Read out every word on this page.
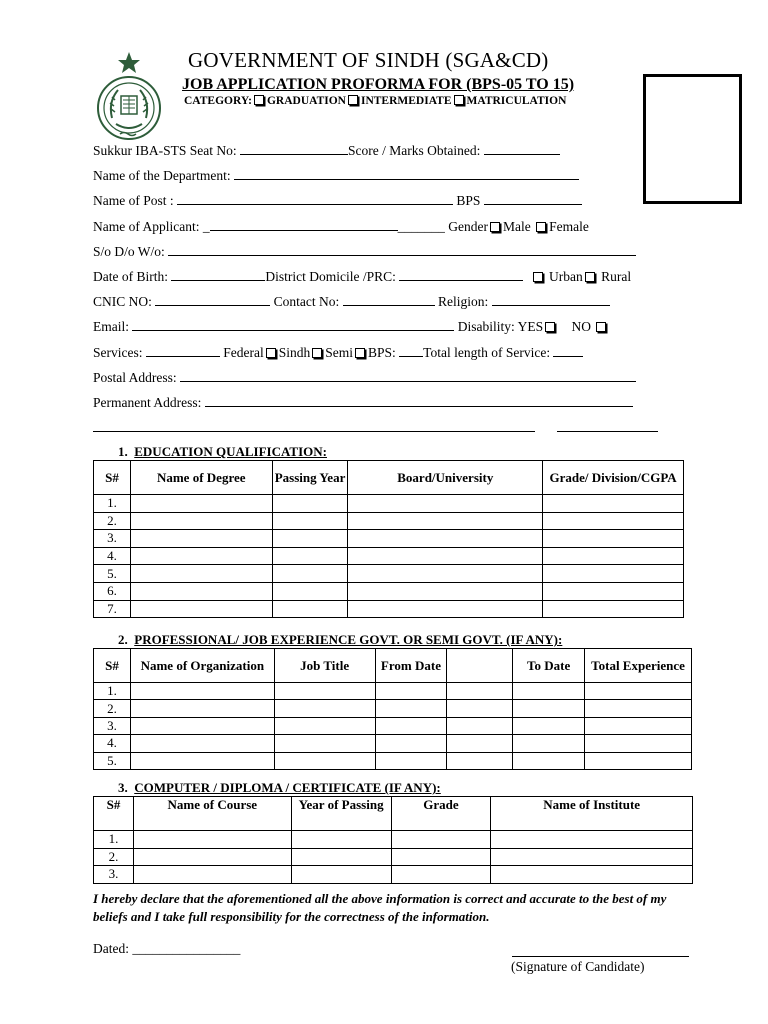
GOVERNMENT OF SINDH (SGA&CD)
JOB APPLICATION PROFORMA FOR (BPS-05 TO 15)
CATEGORY: GRADUATION INTERMEDIATE MATRICULATION
Sukkur IBA-STS Seat No:	Score / Marks Obtained:
Name of the Department:
Name of Post :	BPS
Name of Applicant: _	_______ Gender Male Female
S/o D/o W/o:
Date of Birth:	District Domicile /PRC:	Urban Rural
CNIC NO:	Contact No:	Religion:
Email:	Disability: YES NO
Services:	Federal Sindh Semi BPS: Total length of Service:
Postal Address:
Permanent Address:
1. EDUCATION QUALIFICATION:
S#	Name of Degree	Passing Year	Board/University	Grade/ Division/CGPA
1.				
2.				
3.				
4.				
5.				
6.				
7.				
2. PROFESSIONAL/ JOB EXPERIENCE GOVT. OR SEMI GOVT. (IF ANY):
S#	Name of Organization	Job Title	From Date		To Date	Total Experience
1.						
2.						
3.						
4.						
5.						
3. COMPUTER / DIPLOMA / CERTIFICATE (IF ANY):
S#	Name of Course	Year of Passing	Grade	Name of Institute
1.				
2.				
3.				
I hereby declare that the aforementioned all the above information is correct and accurate to the best of my beliefs and I take full responsibility for the correctness of the information.
Dated: ________________
(Signature of Candidate)
